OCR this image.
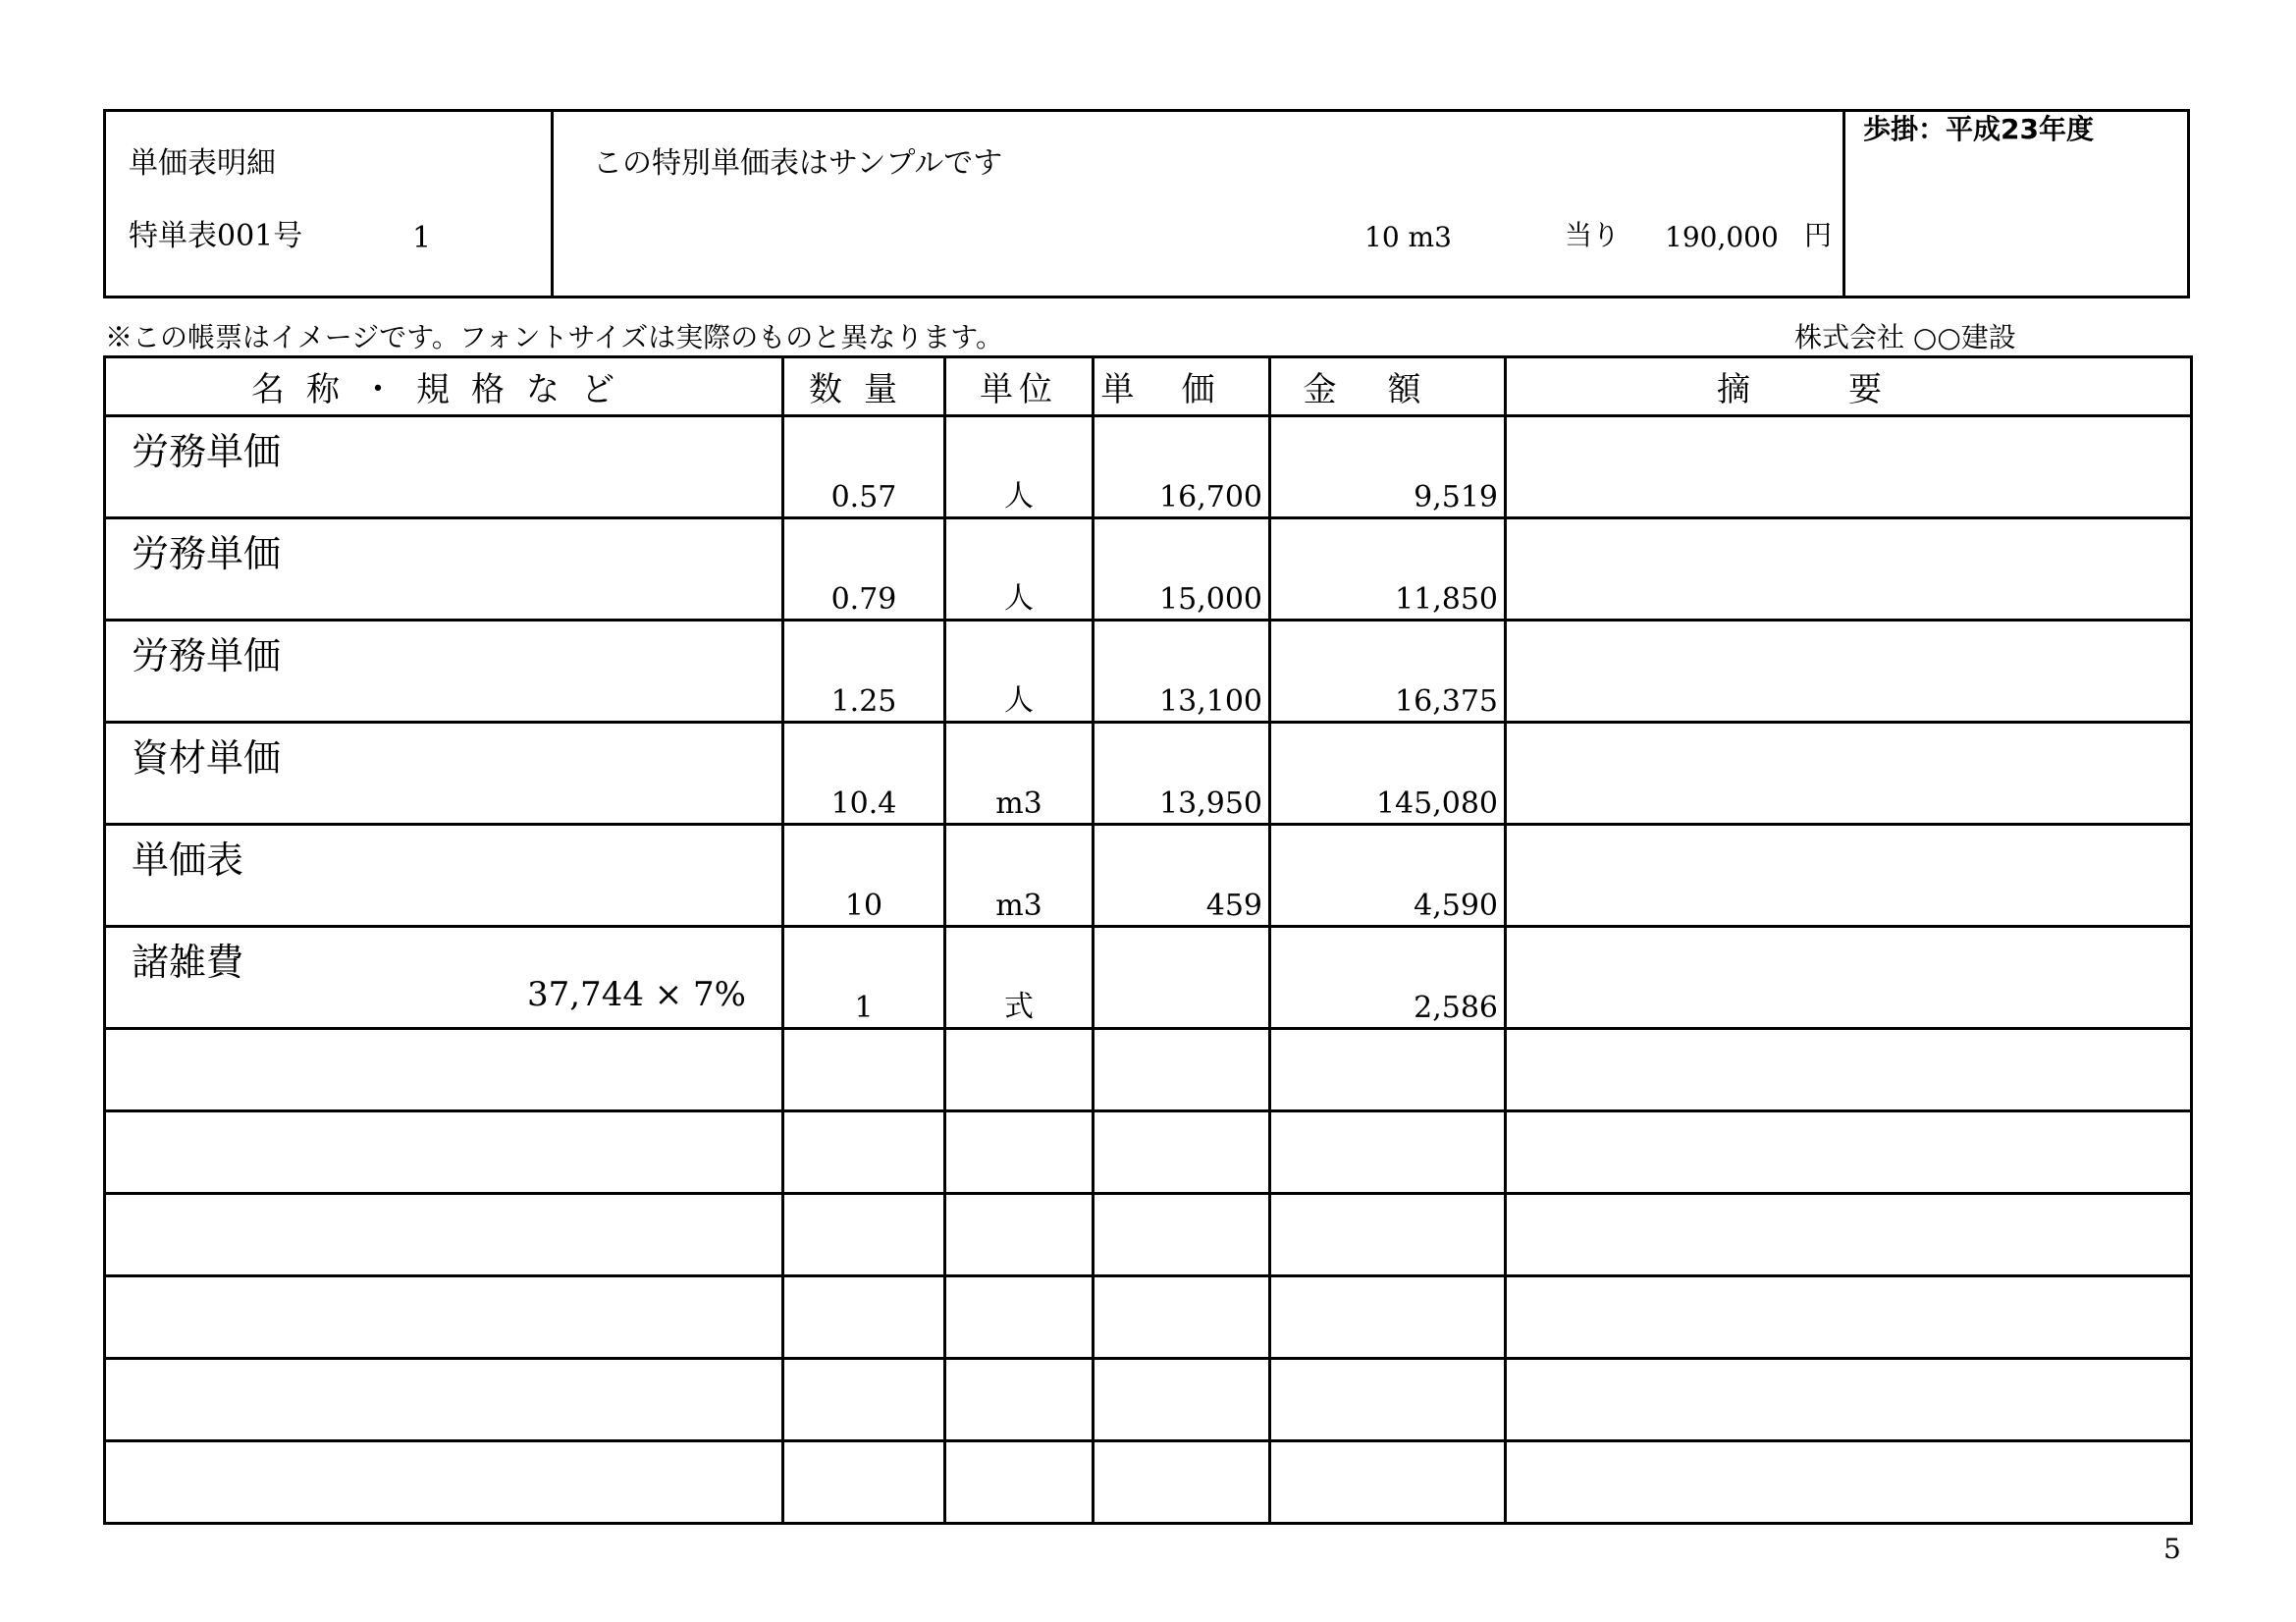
単価表明細
特単表001号	1
この特別単価表はサンプルです
10 m3	当り 190,000 円
歩掛：平成23年度
※この帳票はイメージです。フォントサイズは実際のものと異なります。	株式会社 ○○建設
名称・規格など	数量	単位	単価	金額	摘要

労務単価	0.57	人	16,700	9,519	

労務単価	0.79	人	15,000	11,850	

労務単価	1.25	人	13,100	16,375	

資材単価	10.4	m3	13,950	145,080	

単価表	10	m3	459	4,590	

諸雑費
37,744 × 7%	1	式		2,586	

5
